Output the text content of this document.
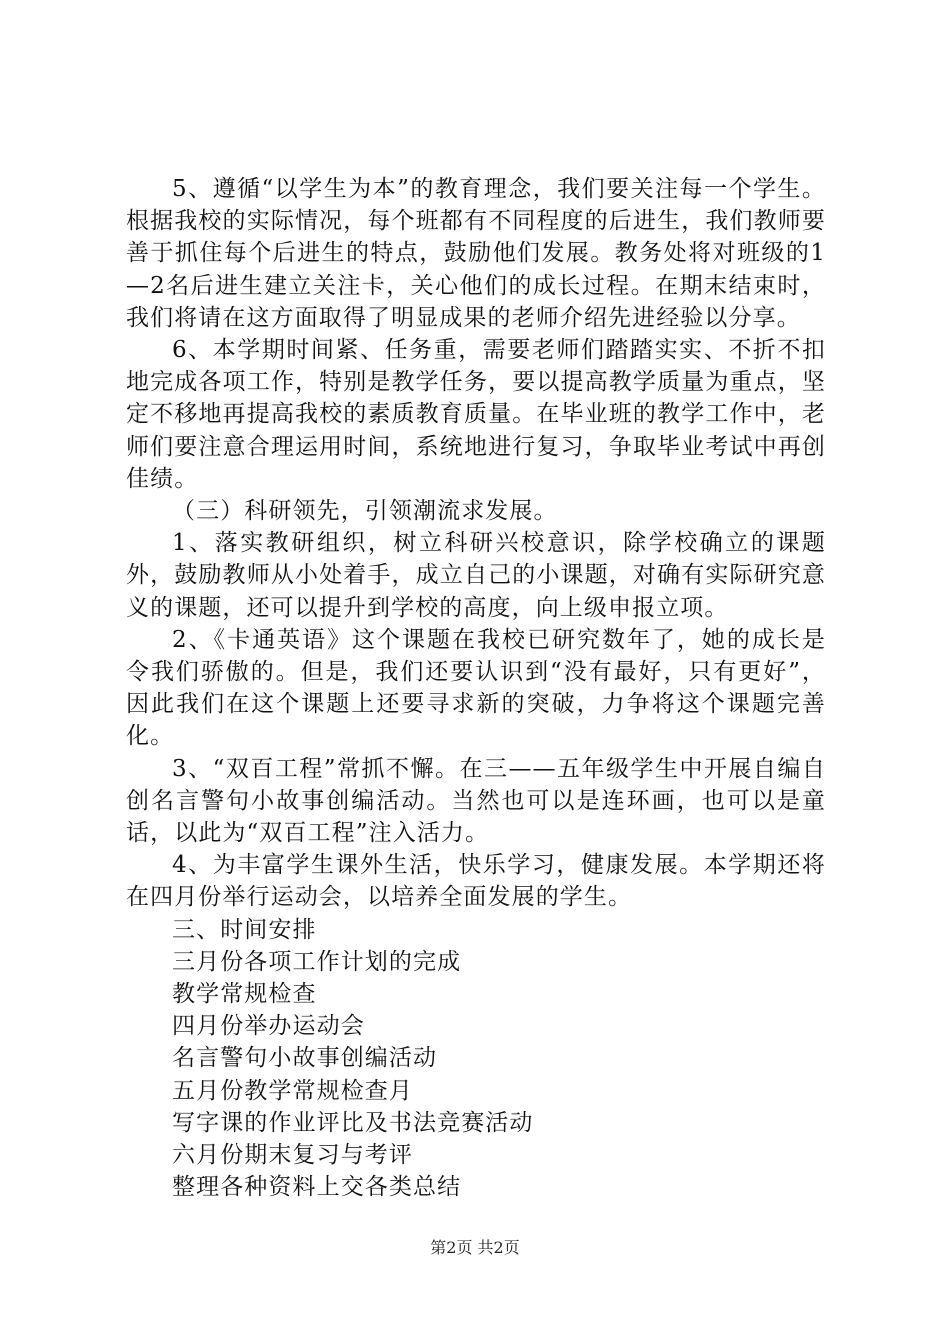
5、遵循“以学生为本”的教育理念，我们要关注每一个学生。根据我校的实际情况，每个班都有不同程度的后进生，我们教师要善于抓住每个后进生的特点，鼓励他们发展。教务处将对班级的1—2名后进生建立关注卡，关心他们的成长过程。在期末结束时，我们将请在这方面取得了明显成果的老师介绍先进经验以分享。

6、本学期时间紧、任务重，需要老师们踏踏实实、不折不扣地完成各项工作，特别是教学任务，要以提高教学质量为重点，坚定不移地再提高我校的素质教育质量。在毕业班的教学工作中，老师们要注意合理运用时间，系统地进行复习，争取毕业考试中再创佳绩。

（三）科研领先，引领潮流求发展。

1、落实教研组织，树立科研兴校意识，除学校确立的课题外，鼓励教师从小处着手，成立自己的小课题，对确有实际研究意义的课题，还可以提升到学校的高度，向上级申报立项。

2、《卡通英语》这个课题在我校已研究数年了，她的成长是令我们骄傲的。但是，我们还要认识到“没有最好，只有更好”，因此我们在这个课题上还要寻求新的突破，力争将这个课题完善化。

3、“双百工程”常抓不懈。在三——五年级学生中开展自编自创名言警句小故事创编活动。当然也可以是连环画，也可以是童话，以此为“双百工程”注入活力。

4、为丰富学生课外生活，快乐学习，健康发展。本学期还将在四月份举行运动会，以培养全面发展的学生。

三、时间安排

三月份各项工作计划的完成

教学常规检查

四月份举办运动会

名言警句小故事创编活动

五月份教学常规检查月

写字课的作业评比及书法竞赛活动

六月份期末复习与考评

整理各种资料上交各类总结

第2页 共2页
